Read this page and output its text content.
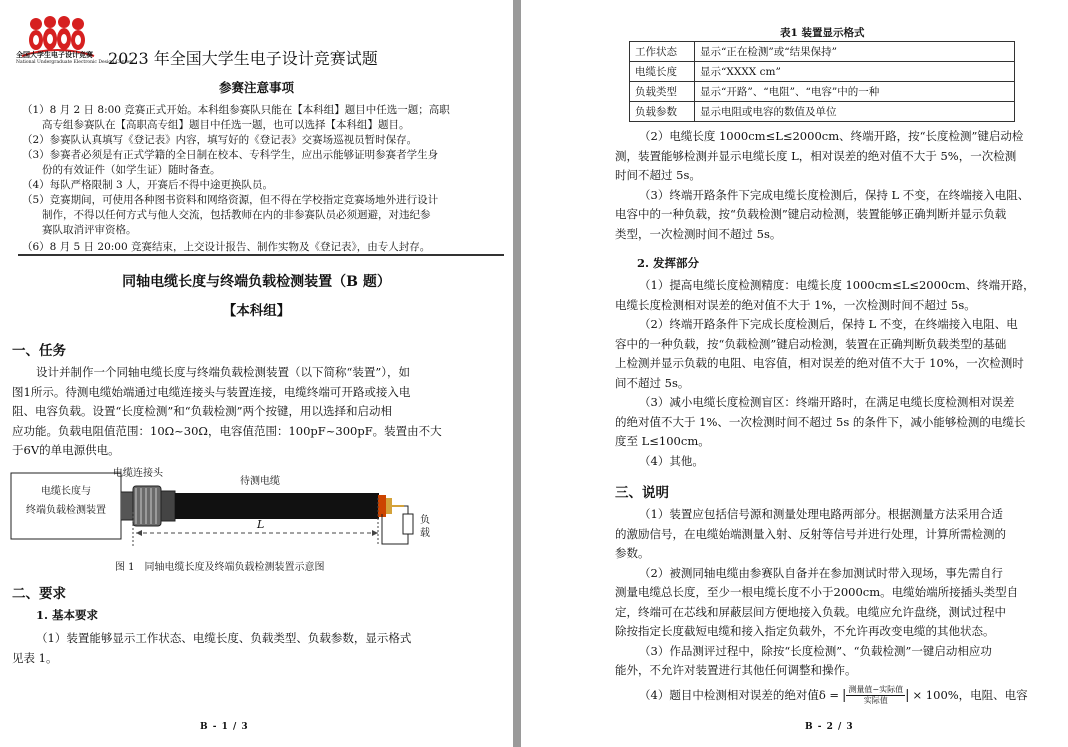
全国大学生电子设计竞赛
National Undergraduate Electronic Design Contest
2023 年全国大学生电子设计竞赛试题
参赛注意事项
（1）8 月 2 日 8:00 竞赛正式开始。本科组参赛队只能在【本科组】题目中任选一题；高职
高专组参赛队在【高职高专组】题目中任选一题，也可以选择【本科组】题目。
（2）参赛队认真填写《登记表》内容，填写好的《登记表》交赛场巡视员暂时保存。
（3）参赛者必须是有正式学籍的全日制在校本、专科学生，应出示能够证明参赛者学生身
份的有效证件（如学生证）随时备查。
（4）每队严格限制 3 人，开赛后不得中途更换队员。
（5）竞赛期间，可使用各种图书资料和网络资源，但不得在学校指定竞赛场地外进行设计
制作，不得以任何方式与他人交流，包括教师在内的非参赛队员必须迴避，对违纪参
赛队取消评审资格。
（6）8 月 5 日 20:00 竞赛结束，上交设计报告、制作实物及《登记表》，由专人封存。
同轴电缆长度与终端负载检测装置（B 题）
【本科组】
一、任务
设计并制作一个同轴电缆长度与终端负载检测装置（以下简称“装置”），如
图1所示。待测电缆始端通过电缆连接头与装置连接，电缆终端可开路或接入电
阻、电容负载。设置“长度检测”和“负载检测”两个按键，用以选择和启动相
应功能。负载电阻值范围：10Ω~30Ω，电容值范围：100pF~300pF。装置由不大
于6V的单电源供电。
电缆连接头
待测电缆
电缆长度与
终端负载检测装置
L	负
载
图 1　同轴电缆长度及终端负载检测装置示意图
二、要求
1. 基本要求
（1）装置能够显示工作状态、电缆长度、负载类型、负载参数，显示格式
见表 1。
B - 1 / 3
表1 装置显示格式
工作状态	显示“正在检测”或“结果保持”
电缆长度	显示“XXXX cm”
负载类型	显示“开路”、“电阻”、“电容”中的一种
负载参数	显示电阻或电容的数值及单位
（2）电缆长度 1000cm≤L≤2000cm、终端开路，按“长度检测”键启动检
测，装置能够检测并显示电缆长度 L，相对误差的绝对值不大于 5%，一次检测
时间不超过 5s。
（3）终端开路条件下完成电缆长度检测后，保持 L 不变，在终端接入电阻、
电容中的一种负载，按“负载检测”键启动检测，装置能够正确判断并显示负载
类型，一次检测时间不超过 5s。
2. 发挥部分
（1）提高电缆长度检测精度：电缆长度 1000cm≤L≤2000cm、终端开路，
电缆长度检测相对误差的绝对值不大于 1%，一次检测时间不超过 5s。
（2）终端开路条件下完成长度检测后，保持 L 不变，在终端接入电阻、电
容中的一种负载，按“负载检测”键启动检测，装置在正确判断负载类型的基础
上检测并显示负载的电阻、电容值，相对误差的绝对值不大于 10%，一次检测时
间不超过 5s。
（3）减小电缆长度检测盲区：终端开路时，在满足电缆长度检测相对误差
的绝对值不大于 1%、一次检测时间不超过 5s 的条件下，减小能够检测的电缆长
度至 L≤100cm。
（4）其他。
三、说明
（1）装置应包括信号源和测量处理电路两部分。根据测量方法采用合适
的激励信号，在电缆始端测量入射、反射等信号并进行处理，计算所需检测的
参数。
（2）被测同轴电缆由参赛队自备并在参加测试时带入现场，事先需自行
测量电缆总长度，至少一根电缆长度不小于2000cm。电缆始端所接插头类型自
定，终端可在芯线和屏蔽层间方便地接入负载。电缆应允许盘绕，测试过程中
除按指定长度截短电缆和接入指定负载外，不允许再改变电缆的其他状态。
（3）作品测评过程中，除按“长度检测”、“负载检测”一键启动相应功
能外，不允许对装置进行其他任何调整和操作。
（4）题目中检测相对误差的绝对值δ = | 测量值−实际值
实际值 | × 100%，电阻、电容
B - 2 / 3
